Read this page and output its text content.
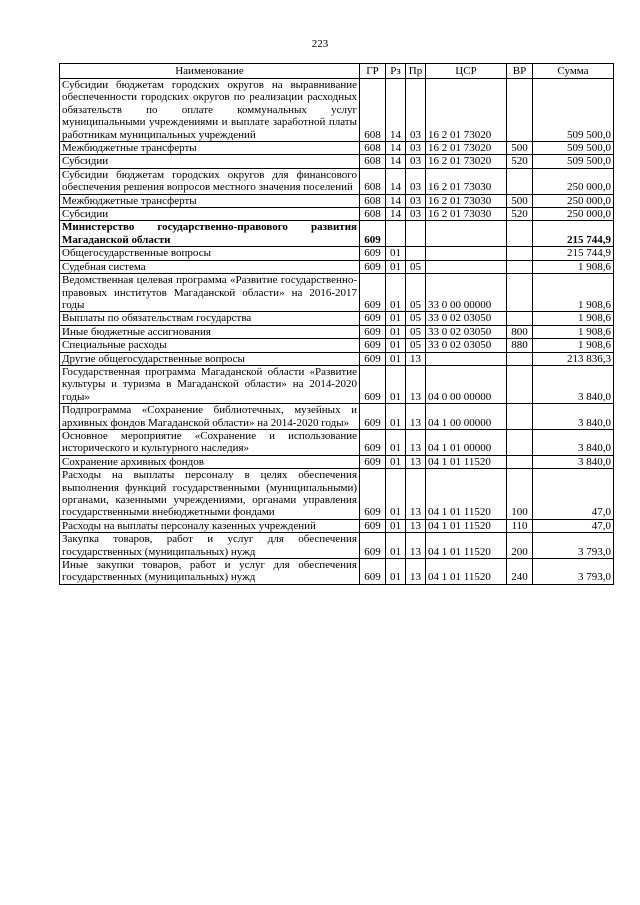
223
Наименование	ГР	Рз	Пр	ЦСР	ВР	Сумма
Субсидии бюджетам городских округов на выравнивание обеспеченности городских округов по реализации расходных обязательств по оплате коммунальных услуг муниципальными учреждениями и выплате заработной платы работникам муниципальных учреждений	608	14	03	16 2 01 73020		509 500,0
Межбюджетные трансферты	608	14	03	16 2 01 73020	500	509 500,0
Субсидии	608	14	03	16 2 01 73020	520	509 500,0
Субсидии бюджетам городских округов для финансового обеспечения решения вопросов местного значения поселений	608	14	03	16 2 01 73030		250 000,0
Межбюджетные трансферты	608	14	03	16 2 01 73030	500	250 000,0
Субсидии	608	14	03	16 2 01 73030	520	250 000,0
Министерство государственно-правового развития Магаданской области	609					215 744,9
Общегосударственные вопросы	609	01				215 744,9
Судебная система	609	01	05			1 908,6
Ведомственная целевая программа «Развитие государственно-правовых институтов Магаданской области» на 2016-2017 годы	609	01	05	33 0 00 00000		1 908,6
Выплаты по обязательствам государства	609	01	05	33 0 02 03050		1 908,6
Иные бюджетные ассигнования	609	01	05	33 0 02 03050	800	1 908,6
Специальные расходы	609	01	05	33 0 02 03050	880	1 908,6
Другие общегосударственные вопросы	609	01	13			213 836,3
Государственная программа Магаданской области «Развитие культуры и туризма в Магаданской области» на 2014-2020 годы»	609	01	13	04 0 00 00000		3 840,0
Подпрограмма «Сохранение библиотечных, музейных и архивных фондов Магаданской области» на 2014-2020 годы»	609	01	13	04 1 00 00000		3 840,0
Основное мероприятие «Сохранение и использование исторического и культурного наследия»	609	01	13	04 1 01 00000		3 840,0
Сохранение архивных фондов	609	01	13	04 1 01 11520		3 840,0
Расходы на выплаты персоналу в целях обеспечения выполнения функций государственными (муниципальными) органами, казенными учреждениями, органами управления государственными внебюджетными фондами	609	01	13	04 1 01 11520	100	47,0
Расходы на выплаты персоналу казенных учреждений	609	01	13	04 1 01 11520	110	47,0
Закупка товаров, работ и услуг для обеспечения государственных (муниципальных) нужд	609	01	13	04 1 01 11520	200	3 793,0
Иные закупки товаров, работ и услуг для обеспечения государственных (муниципальных) нужд	609	01	13	04 1 01 11520	240	3 793,0
